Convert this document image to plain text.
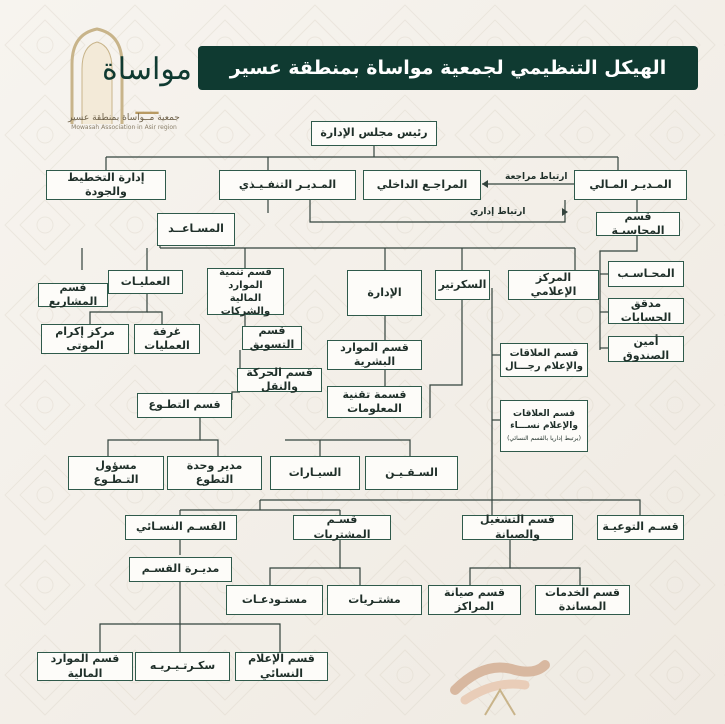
مواساة
ـــ
جمعية مــواساة بمنطقة عسير
Mowasah Association in Asir region
الهيكل التنظيمي لجمعية مواساة بمنطقة عسير
رئيس مجلس الإدارة
المـديـر المـالي
المراجـع الداخلي
المـديـر التنفـيـذي
إدارة التخطيط والجودة
ارتباط مراجعة
ارتباط إداري	قسم المحاسبـة
المسـاعــد
المحـاسـب
مدقق الحسابات
أمين الصندوق
العمليـات
قسم المشاريع
قسم تنمية الموارد المالية والشركات
الإدارة
السكرتير
المركز الإعلامي
مركز إكرام الموتى
غرفة العمليات
قسم التسويق	قسم الموارد البشرية
قسم العلاقات والإعلام رجـــال
قسم الحركة والنقل
قسم التطـوع
قسمة تقنية المعلومات	قسم العلاقات والإعلام نســـاء
(يرتبط إداريا بالقسم النسائي)
مسؤول التـطـوع
مدير وحدة التطوع
السيـارات	السـقـيـن
القسـم النسـائي
قسـم المشتريات
قسم التشغيل والصيانة
قسـم التوعيـة
مديـرة القسـم
مستـودعـات	مشتـريات
قسم صيانة المراكز
قسم الخدمات المساندة
قسم الموارد المالية
سكـرتـيـريـه
قسم الإعلام النسائي
